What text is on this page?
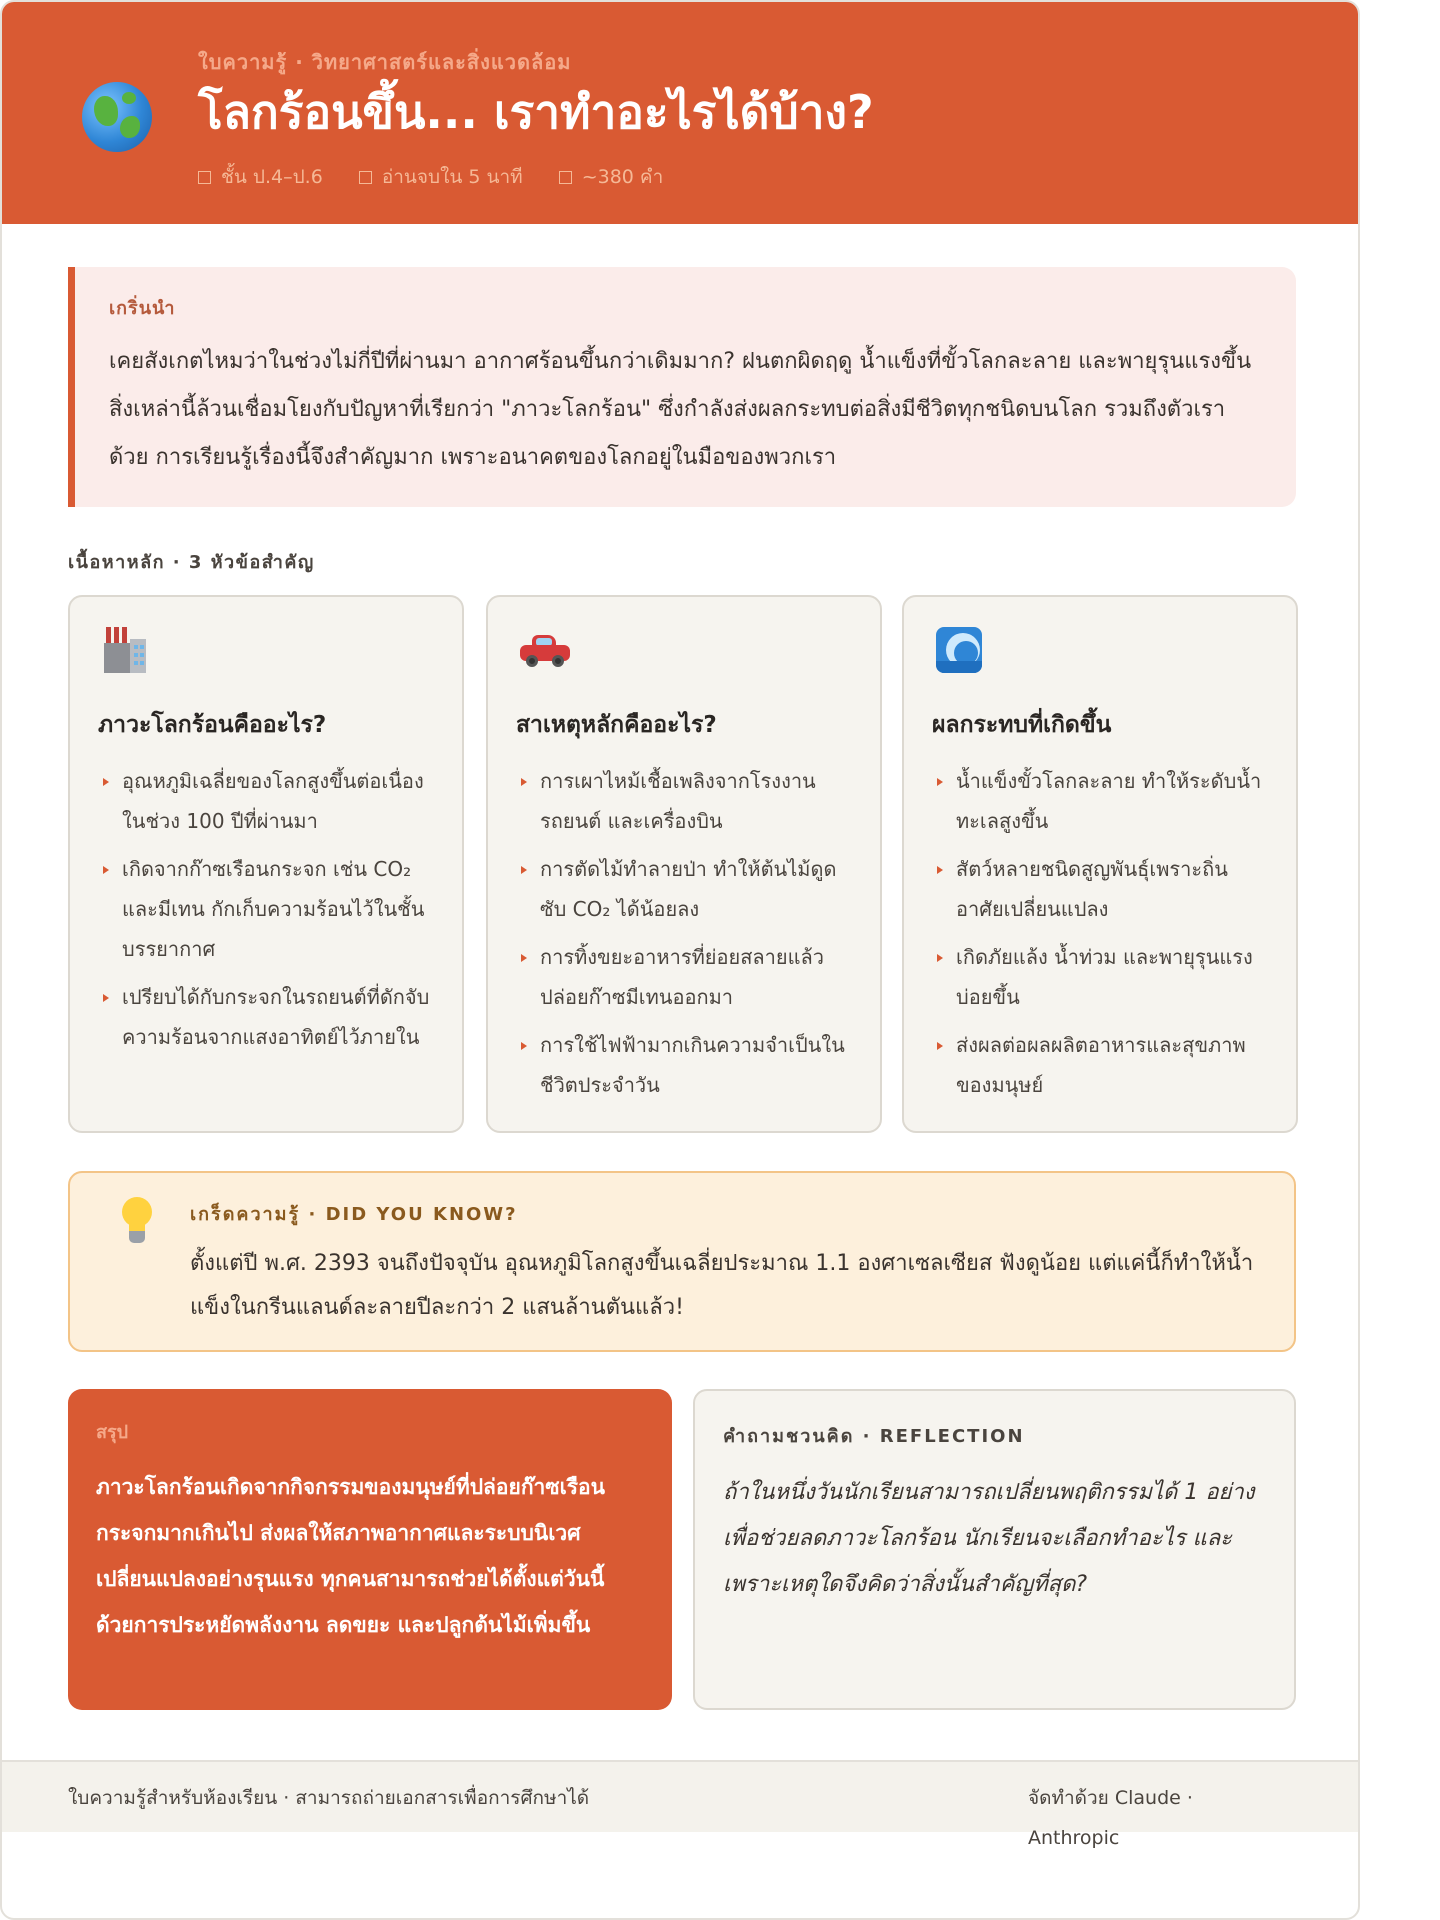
ใบความรู้ · วิทยาศาสตร์และสิ่งแวดล้อม
โลกร้อนขึ้น... เราทำอะไรได้บ้าง?
ชั้น ป.4–ป.6	อ่านจบใน 5 นาที	~380 คำ
เกริ่นนำ
เคยสังเกตไหมว่าในช่วงไม่กี่ปีที่ผ่านมา อากาศร้อนขึ้นกว่าเดิมมาก? ฝนตกผิดฤดู น้ำแข็งที่ขั้วโลกละลาย และพายุรุนแรงขึ้น สิ่งเหล่านี้ล้วนเชื่อมโยงกับปัญหาที่เรียกว่า "ภาวะโลกร้อน" ซึ่งกำลังส่งผลกระทบต่อสิ่งมีชีวิตทุกชนิดบนโลก รวมถึงตัวเราด้วย การเรียนรู้เรื่องนี้จึงสำคัญมาก เพราะอนาคตของโลกอยู่ในมือของพวกเรา
เนื้อหาหลัก · 3 หัวข้อสำคัญ
ภาวะโลกร้อนคืออะไร?
อุณหภูมิเฉลี่ยของโลกสูงขึ้นต่อเนื่องในช่วง 100 ปีที่ผ่านมา
เกิดจากก๊าซเรือนกระจก เช่น CO₂ และมีเทน กักเก็บความร้อนไว้ในชั้นบรรยากาศ
เปรียบได้กับกระจกในรถยนต์ที่ดักจับความร้อนจากแสงอาทิตย์ไว้ภายใน
สาเหตุหลักคืออะไร?
การเผาไหม้เชื้อเพลิงจากโรงงาน รถยนต์ และเครื่องบิน
การตัดไม้ทำลายป่า ทำให้ต้นไม้ดูดซับ CO₂ ได้น้อยลง
การทิ้งขยะอาหารที่ย่อยสลายแล้วปล่อยก๊าซมีเทนออกมา
การใช้ไฟฟ้ามากเกินความจำเป็นในชีวิตประจำวัน
ผลกระทบที่เกิดขึ้น
น้ำแข็งขั้วโลกละลาย ทำให้ระดับน้ำทะเลสูงขึ้น
สัตว์หลายชนิดสูญพันธุ์เพราะถิ่นอาศัยเปลี่ยนแปลง
เกิดภัยแล้ง น้ำท่วม และพายุรุนแรงบ่อยขึ้น
ส่งผลต่อผลผลิตอาหารและสุขภาพของมนุษย์
เกร็ดความรู้ · DID YOU KNOW?
ตั้งแต่ปี พ.ศ. 2393 จนถึงปัจจุบัน อุณหภูมิโลกสูงขึ้นเฉลี่ยประมาณ 1.1 องศาเซลเซียส ฟังดูน้อย แต่แค่นี้ก็ทำให้น้ำแข็งในกรีนแลนด์ละลายปีละกว่า 2 แสนล้านตันแล้ว!
สรุป
ภาวะโลกร้อนเกิดจากกิจกรรมของมนุษย์ที่ปล่อยก๊าซเรือนกระจกมากเกินไป ส่งผลให้สภาพอากาศและระบบนิเวศเปลี่ยนแปลงอย่างรุนแรง ทุกคนสามารถช่วยได้ตั้งแต่วันนี้ ด้วยการประหยัดพลังงาน ลดขยะ และปลูกต้นไม้เพิ่มขึ้น
คำถามชวนคิด · REFLECTION
ถ้าในหนึ่งวันนักเรียนสามารถเปลี่ยนพฤติกรรมได้ 1 อย่าง เพื่อช่วยลดภาวะโลกร้อน นักเรียนจะเลือกทำอะไร และเพราะเหตุใดจึงคิดว่าสิ่งนั้นสำคัญที่สุด?
ใบความรู้สำหรับห้องเรียน · สามารถถ่ายเอกสารเพื่อการศึกษาได้	จัดทำด้วย Claude · Anthropic
